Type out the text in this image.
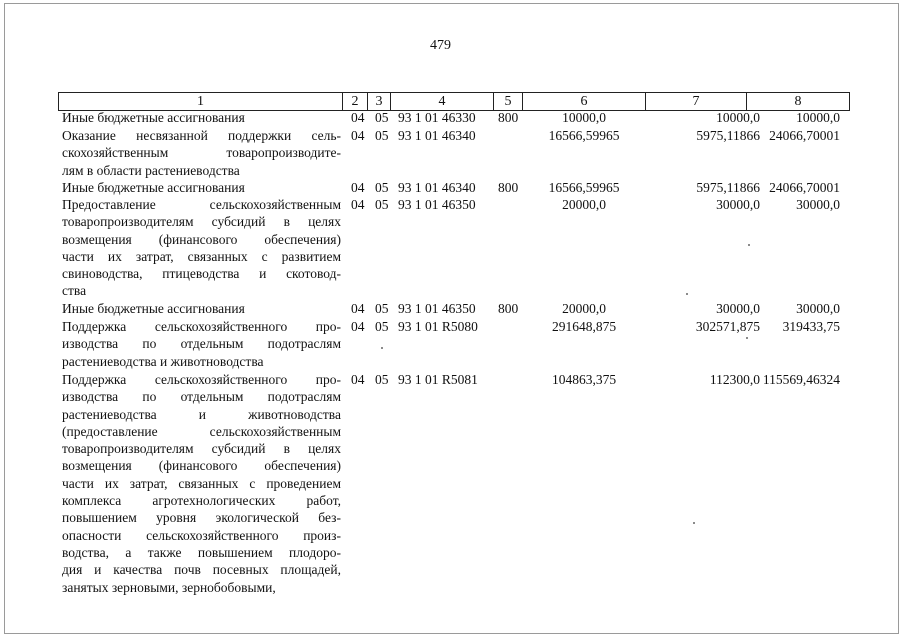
479
1	2	3	4	5	6	7	8
Иные бюджетные ассигнования	04 05 93 1 01 46330 800	10000,0	10000,0	10000,0
Оказание несвязанной поддержки сель-
скохозяйственным товаропроизводите-
лям в области растениеводства
04 05 93 1 01 46340	16566,59965	5975,11866 24066,70001
Иные бюджетные ассигнования	04 05 93 1 01 46340 800	16566,59965	5975,11866 24066,70001
Предоставление сельскохозяйственным
товаропроизводителям субсидий в целях
возмещения (финансового обеспечения)
части их затрат, связанных с развитием
свиноводства, птицеводства и скотовод-
ства
04 05 93 1 01 46350	20000,0	30000,0	30000,0
Иные бюджетные ассигнования	04 05 93 1 01 46350 800	20000,0	30000,0	30000,0
Поддержка сельскохозяйственного про-
изводства по отдельным подотраслям
растениеводства и животноводства
04 05 93 1 01 R5080	291648,875	302571,875	319433,75
Поддержка сельскохозяйственного про-
изводства по отдельным подотраслям
растениеводства и животноводства
(предоставление сельскохозяйственным
товаропроизводителям субсидий в целях
возмещения (финансового обеспечения)
части их затрат, связанных с проведением
комплекса агротехнологических работ,
повышением уровня экологической без-
опасности сельскохозяйственного произ-
водства, а также повышением плодоро-
дия и качества почв посевных площадей,
занятых зерновыми, зернобобовыми,
04 05 93 1 01 R5081	104863,375	112300,0 115569,46324
